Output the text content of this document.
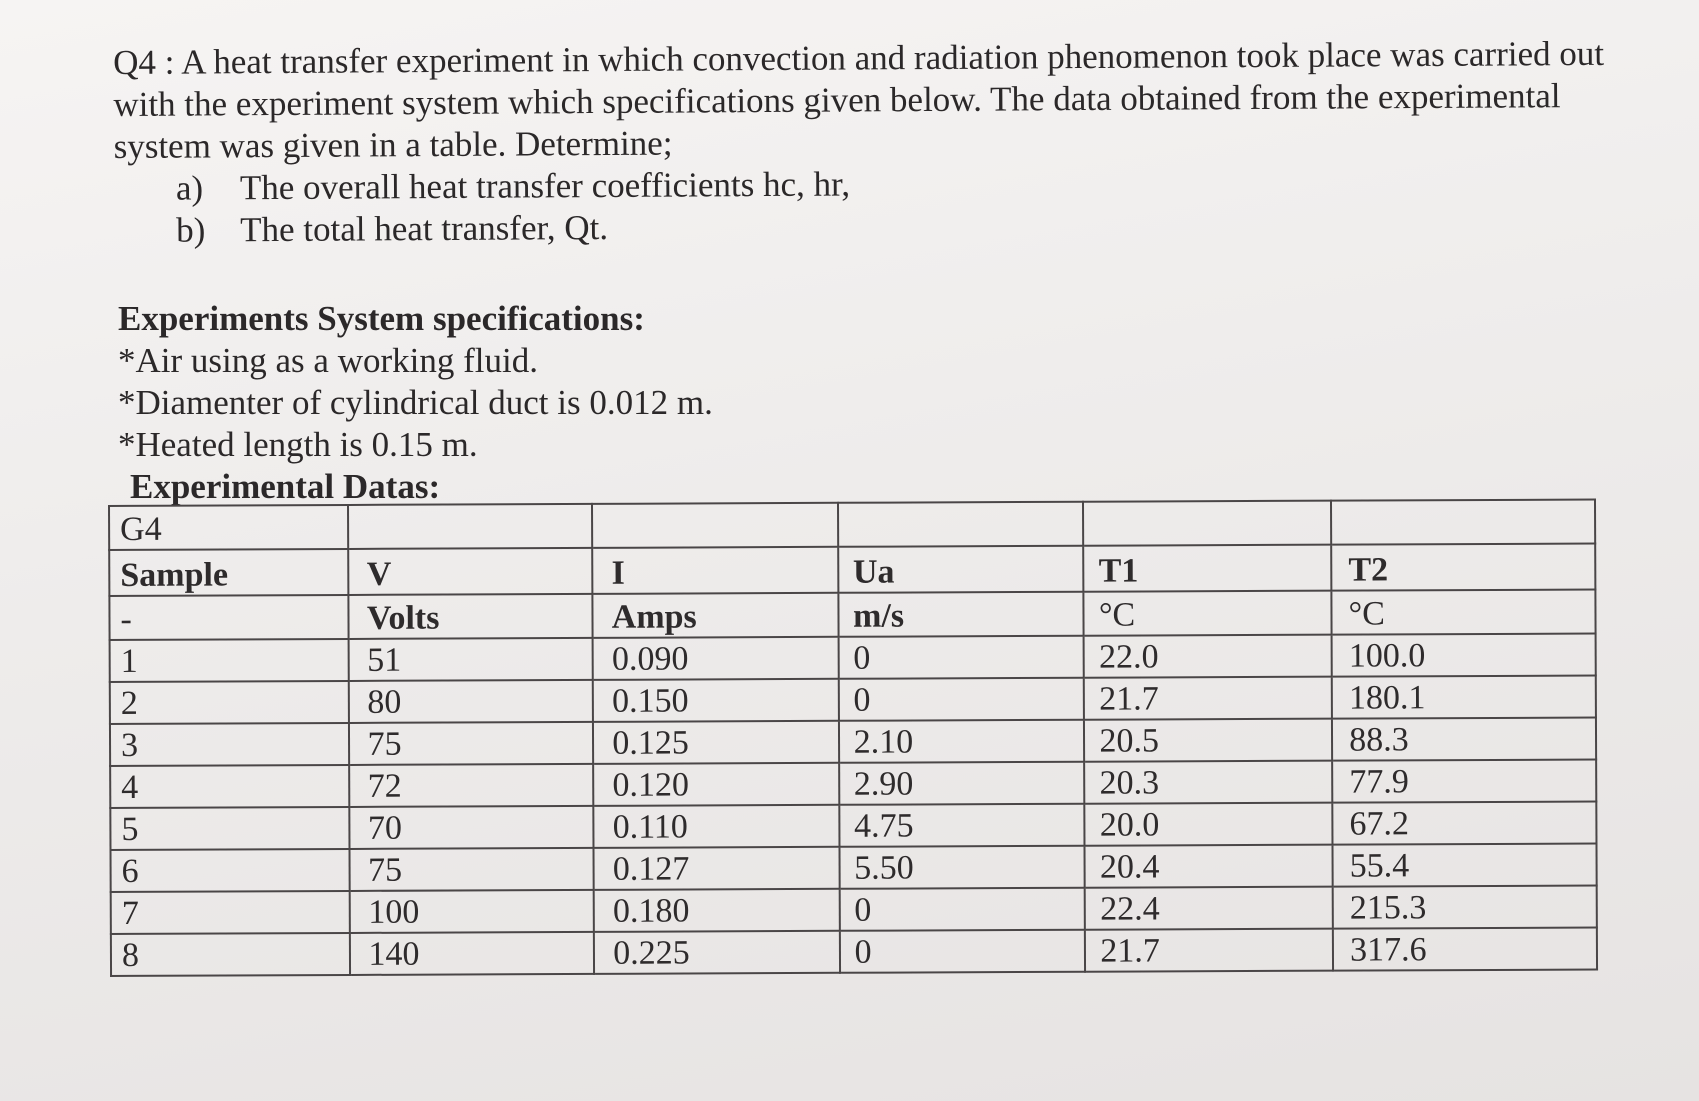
Q4 : A heat transfer experiment in which convection and radiation phenomenon took place was carried out with the experiment system which specifications given below. The data obtained from the experimental system was given in a table. Determine;

a)	The overall heat transfer coefficients hc, hr,
b) The total heat transfer, Qt.
Experiments System specifications:

*Air using as a working fluid.

*Diamenter of cylindrical duct is 0.012 m.

*Heated length is 0.15 m.

Experimental Datas:
G4					
Sample	V	I	Ua	T1	T2
-	Volts	Amps	m/s	°C	°C
1	51	0.090	0	22.0	100.0
2	80	0.150	0	21.7	180.1
3	75	0.125	2.10	20.5	88.3
4	72	0.120	2.90	20.3	77.9
5	70	0.110	4.75	20.0	67.2
6	75	0.127	5.50	20.4	55.4
7	100	0.180	0	22.4	215.3
8	140	0.225	0	21.7	317.6
